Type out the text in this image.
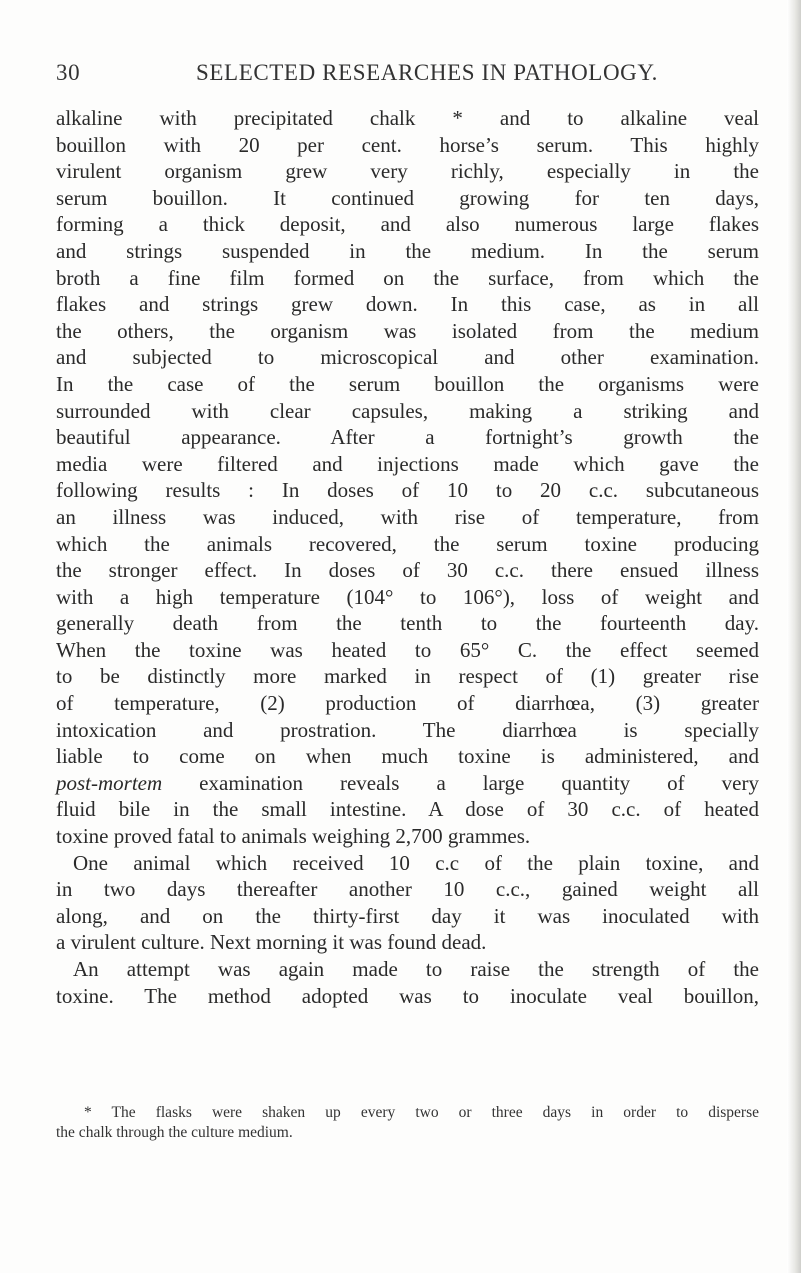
30	SELECTED RESEARCHES IN PATHOLOGY.
alkaline with precipitated chalk * and to alkaline veal
bouillon with 20 per cent. horse’s serum. This highly
virulent organism grew very richly, especially in the
serum bouillon. It continued growing for ten days,
forming a thick deposit, and also numerous large flakes
and strings suspended in the medium. In the serum
broth a fine film formed on the surface, from which the
flakes and strings grew down. In this case, as in all
the others, the organism was isolated from the medium
and subjected to microscopical and other examination.
In the case of the serum bouillon the organisms were
surrounded with clear capsules, making a striking and
beautiful appearance. After a fortnight’s growth the
media were filtered and injections made which gave the
following results : In doses of 10 to 20 c.c. subcutaneous
an illness was induced, with rise of temperature, from
which the animals recovered, the serum toxine producing
the stronger effect. In doses of 30 c.c. there ensued illness
with a high temperature (104° to 106°), loss of weight and
generally death from the tenth to the fourteenth day.
When the toxine was heated to 65° C. the effect seemed
to be distinctly more marked in respect of (1) greater rise
of temperature, (2) production of diarrhœa, (3) greater
intoxication and prostration. The diarrhœa is specially
liable to come on when much toxine is administered, and
post-mortem examination reveals a large quantity of very
fluid bile in the small intestine. A dose of 30 c.c. of heated
toxine proved fatal to animals weighing 2,700 grammes.
One animal which received 10 c.c of the plain toxine, and
in two days thereafter another 10 c.c., gained weight all
along, and on the thirty-first day it was inoculated with
a virulent culture. Next morning it was found dead.
An attempt was again made to raise the strength of the
toxine. The method adopted was to inoculate veal bouillon,
* The flasks were shaken up every two or three days in order to disperse
the chalk through the culture medium.
